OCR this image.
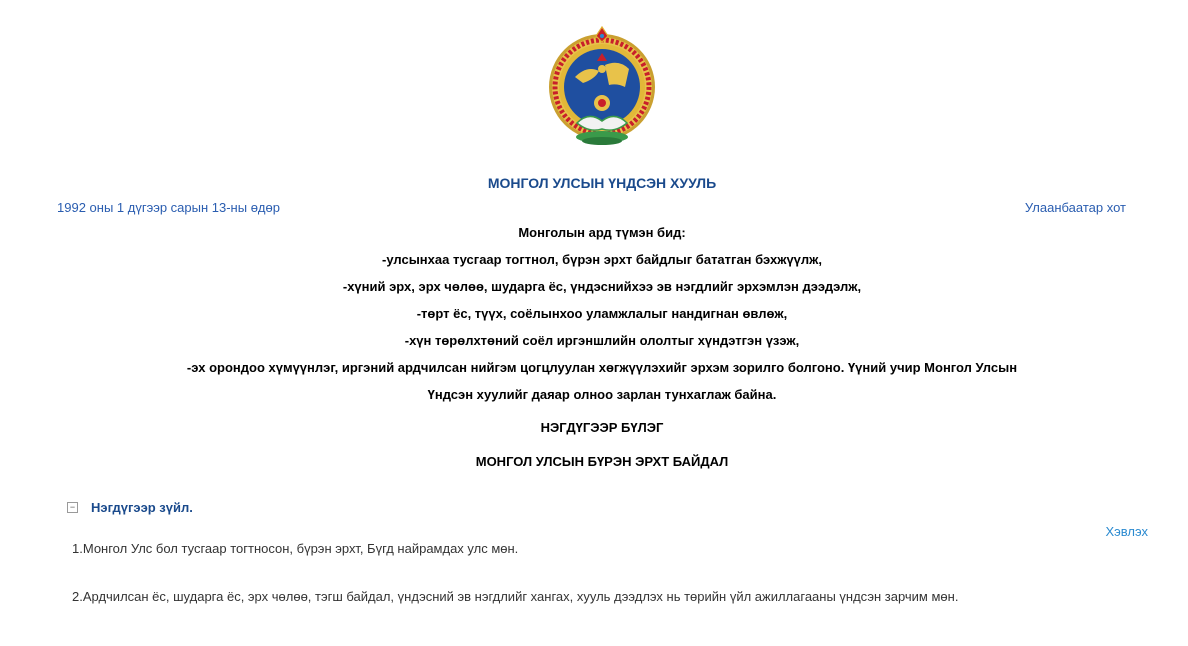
МОНГОЛ УЛСЫН ҮНДСЭН ХУУЛЬ
1992 оны 1 дүгээр сарын 13-ны өдөр	Улаанбаатар хот
Монголын ард түмэн бид:
-улсынхаа тусгаар тогтнол, бүрэн эрхт байдлыг бататган бэхжүүлж,
-хүний эрх, эрх чөлөө, шударга ёс, үндэснийхээ эв нэгдлийг эрхэмлэн дээдэлж,
-төрт ёс, түүх, соёлынхоо уламжлалыг нандигнан өвлөж,
-хүн төрөлхтөний соёл иргэншлийн ололтыг хүндэтгэн үзэж,
-эх орондоо хүмүүнлэг, иргэний ардчилсан нийгэм цогцлуулан хөгжүүлэхийг эрхэм зорилго болгоно. Үүний учир Монгол Улсын
Үндсэн хуулийг даяар олноо зарлан тунхаглаж байна.
НЭГДҮГЭЭР БҮЛЭГ
МОНГОЛ УЛСЫН БҮРЭН ЭРХТ БАЙДАЛ
− Нэгдүгээр зүйл.
Хэвлэх
1.Монгол Улс бол тусгаар тогтносон, бүрэн эрхт, Бүгд найрамдах улс мөн.
2.Ардчилсан ёс, шударга ёс, эрх чөлөө, тэгш байдал, үндэсний эв нэгдлийг хангах, хууль дээдлэх нь төрийн үйл ажиллагааны үндсэн зарчим мөн.
